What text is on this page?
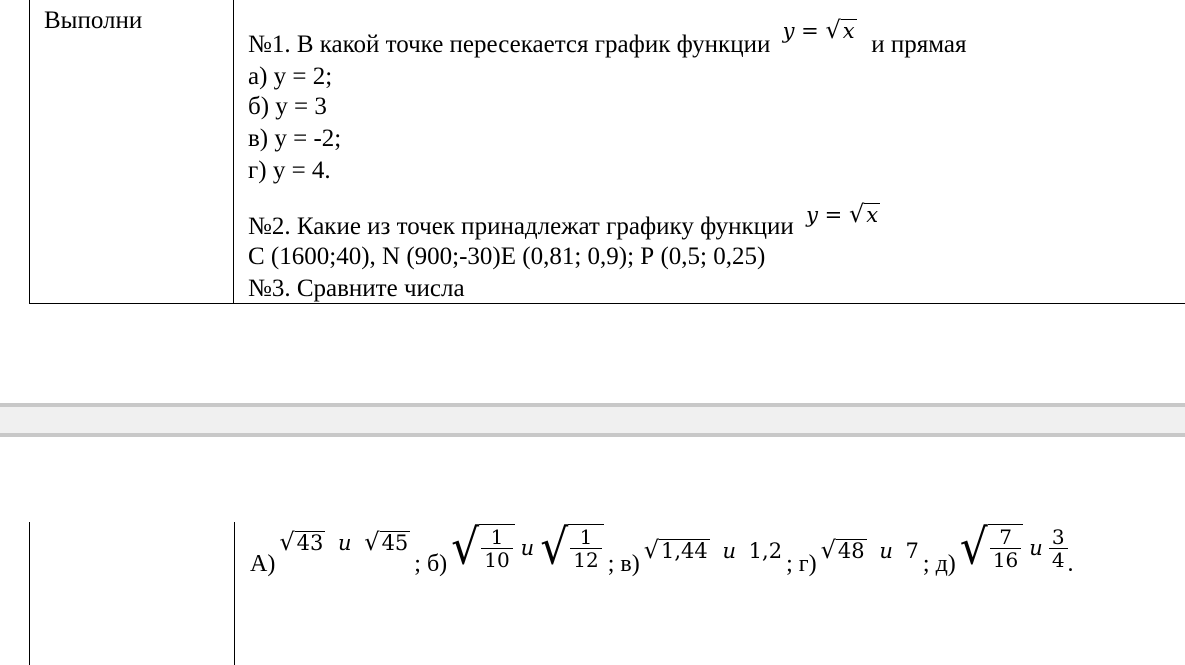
Выполни
№1. В какой точке пересекается график функции $^{y = √ x}$ и прямая
а) у = 2;
б) у = 3
в) у = -2;
г) у = 4.
№2. Какие из точек принадлежат графику функции $^{y = √ x}$
С (1600;40), N (900;-30)Е (0,81; 0,9); Р (0,5; 0,25)
№3. Сравните числа
А)
√ 43 u √ 45
; б) √ $\frac{1}{10}$ u √ $\frac{1}{12}$ ; в) √ 1,44 u 1,2 ; г) √ 48 u 7 ; д) √ $\frac{7}{16}$ u $\frac{3}{4}$ .
